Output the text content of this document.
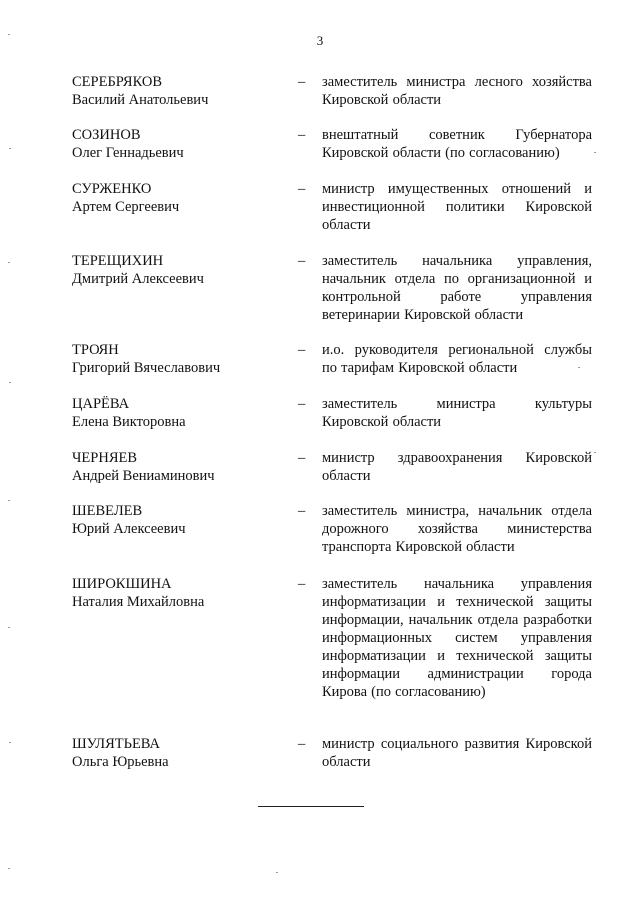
3
СЕРЕБРЯКОВ
Василий Анатольевич
– заместитель министра лесного хозяйства Кировской области
СОЗИНОВ
Олег Геннадьевич
– внештатный советник Губернатора Кировской области (по согласованию)
СУРЖЕНКО
Артем Сергеевич
– министр имущественных отношений и инвестиционной политики Кировской области
ТЕРЕЩИХИН
Дмитрий Алексеевич
– заместитель начальника управления, начальник отдела по организационной и контрольной работе управления ветеринарии Кировской области
ТРОЯН
Григорий Вячеславович
– и.о. руководителя региональной службы по тарифам Кировской области
ЦАРЁВА
Елена Викторовна
– заместитель министра культуры Кировской области
ЧЕРНЯЕВ
Андрей Вениаминович
– министр здравоохранения Кировской области
ШЕВЕЛЕВ
Юрий Алексеевич
– заместитель министра, начальник отдела дорожного хозяйства министерства транспорта Кировской области
ШИРОКШИНА
Наталия Михайловна
– заместитель начальника управления информатизации и технической защиты информации, начальник отдела разработки информационных систем управления информатизации и технической защиты информации администрации города Кирова (по согласованию)
ШУЛЯТЬЕВА
Ольга Юрьевна
– министр социального развития Кировской области
